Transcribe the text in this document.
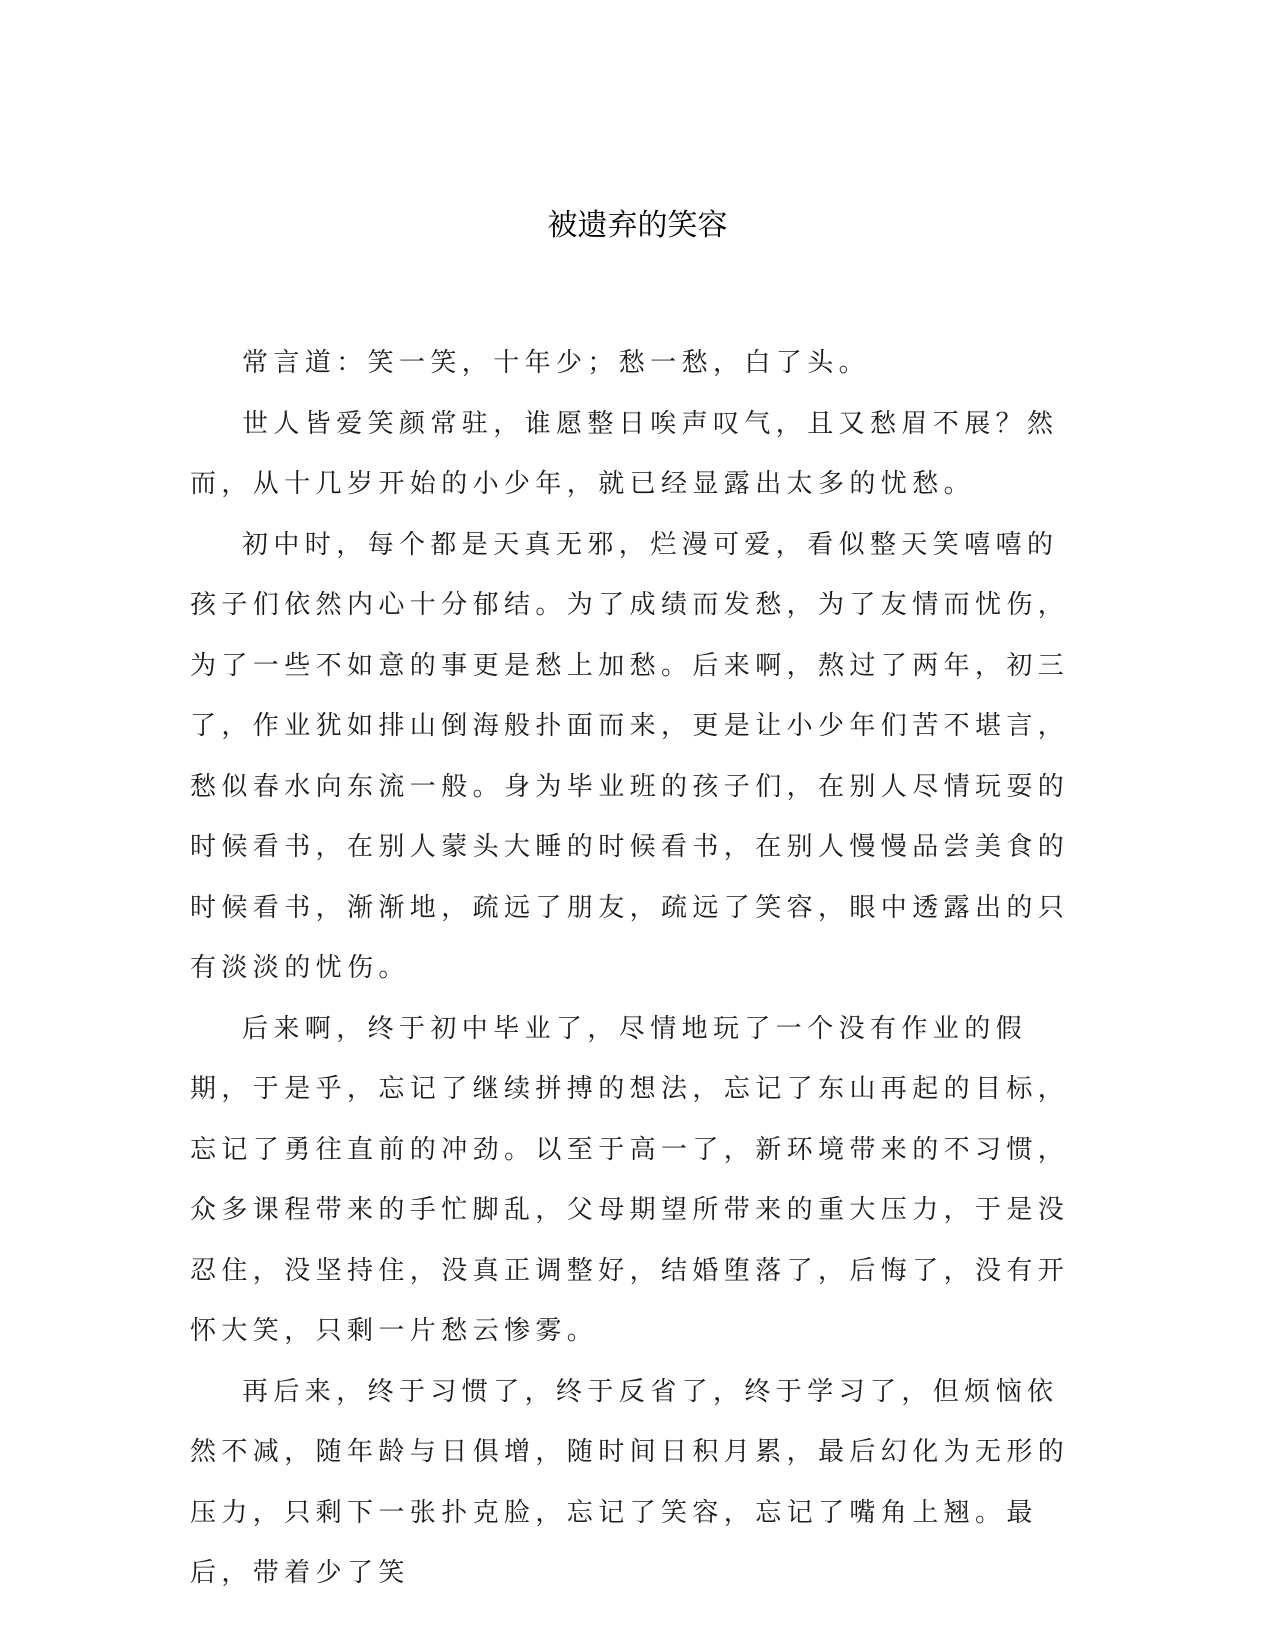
被遗弃的笑容

常言道：笑一笑，十年少；愁一愁，白了头。

世人皆爱笑颜常驻，谁愿整日唉声叹气，且又愁眉不展？然而，从十几岁开始的小少年，就已经显露出太多的忧愁。

初中时，每个都是天真无邪，烂漫可爱，看似整天笑嘻嘻的孩子们依然内心十分郁结。为了成绩而发愁，为了友情而忧伤，为了一些不如意的事更是愁上加愁。后来啊，熬过了两年，初三了，作业犹如排山倒海般扑面而来，更是让小少年们苦不堪言，愁似春水向东流一般。身为毕业班的孩子们，在别人尽情玩耍的时候看书，在别人蒙头大睡的时候看书，在别人慢慢品尝美食的时候看书，渐渐地，疏远了朋友，疏远了笑容，眼中透露出的只有淡淡的忧伤。

后来啊，终于初中毕业了，尽情地玩了一个没有作业的假期，于是乎，忘记了继续拼搏的想法，忘记了东山再起的目标，忘记了勇往直前的冲劲。以至于高一了，新环境带来的不习惯，众多课程带来的手忙脚乱，父母期望所带来的重大压力，于是没忍住，没坚持住，没真正调整好，结婚堕落了，后悔了，没有开怀大笑，只剩一片愁云惨雾。

再后来，终于习惯了，终于反省了，终于学习了，但烦恼依然不减，随年龄与日俱增，随时间日积月累，最后幻化为无形的压力，只剩下一张扑克脸，忘记了笑容，忘记了嘴角上翘。最后，带着少了笑
